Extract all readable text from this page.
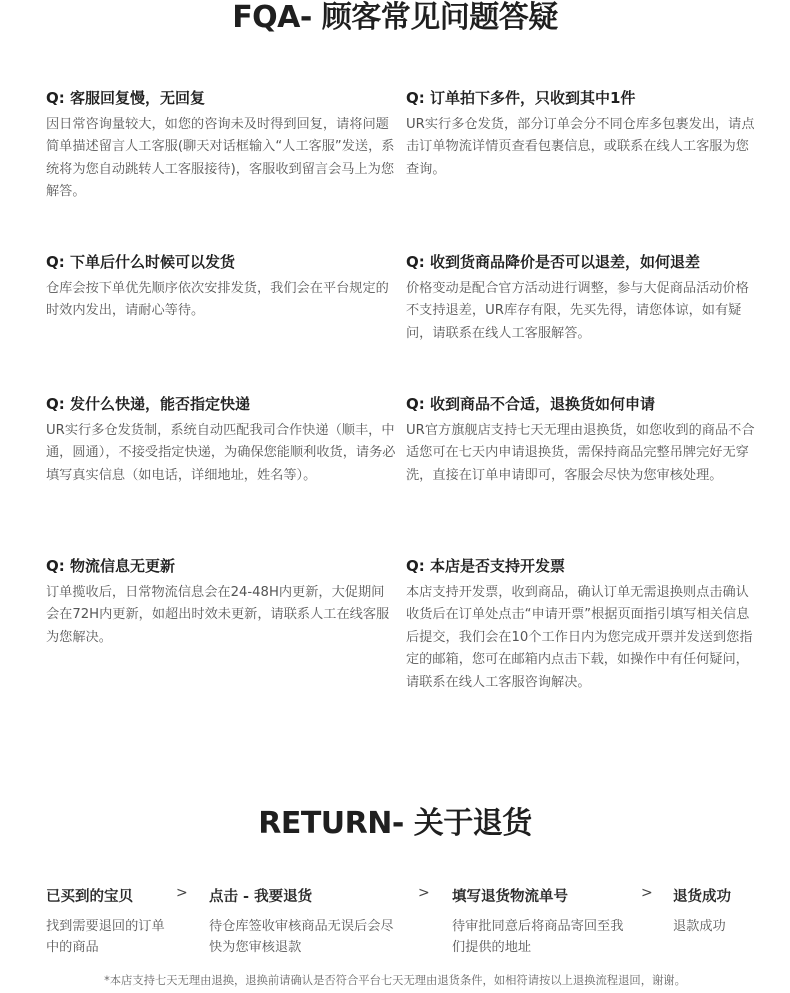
FQA- 顾客常见问题答疑
Q: 客服回复慢，无回复
因日常咨询量较大，如您的咨询未及时得到回复，请将问题简单描述留言人工客服(聊天对话框输入“人工客服”发送，系统将为您自动跳转人工客服接待)，客服收到留言会马上为您解答。
Q: 订单拍下多件，只收到其中1件
UR实行多仓发货，部分订单会分不同仓库多包裹发出，请点击订单物流详情页查看包裹信息，或联系在线人工客服为您查询。
Q: 下单后什么时候可以发货
仓库会按下单优先顺序依次安排发货，我们会在平台规定的时效内发出，请耐心等待。
Q: 收到货商品降价是否可以退差，如何退差
价格变动是配合官方活动进行调整，参与大促商品活动价格不支持退差，UR库存有限，先买先得，请您体谅，如有疑问，请联系在线人工客服解答。
Q: 发什么快递，能否指定快递
UR实行多仓发货制，系统自动匹配我司合作快递（顺丰，中通，圆通），不接受指定快递，为确保您能顺利收货，请务必填写真实信息（如电话，详细地址，姓名等）。
Q: 收到商品不合适，退换货如何申请
UR官方旗舰店支持七天无理由退换货，如您收到的商品不合适您可在七天内申请退换货，需保持商品完整吊牌完好无穿洗，直接在订单申请即可，客服会尽快为您审核处理。
Q: 物流信息无更新
订单揽收后，日常物流信息会在24-48H内更新，大促期间会在72H内更新，如超出时效未更新，请联系人工在线客服为您解决。
Q: 本店是否支持开发票
本店支持开发票，收到商品，确认订单无需退换则点击确认收货后在订单处点击“申请开票”根据页面指引填写相关信息后提交，我们会在10个工作日内为您完成开票并发送到您指定的邮箱，您可在邮箱内点击下载，如操作中有任何疑问，请联系在线人工客服咨询解决。
RETURN- 关于退货
已买到的宝贝
找到需要退回的订单中的商品
> 点击 - 我要退货
待仓库签收审核商品无误后会尽快为您审核退款
> 填写退货物流单号
待审批同意后将商品寄回至我们提供的地址
> 退货成功
退款成功
*本店支持七天无理由退换，退换前请确认是否符合平台七天无理由退货条件，如相符请按以上退换流程退回，谢谢。
